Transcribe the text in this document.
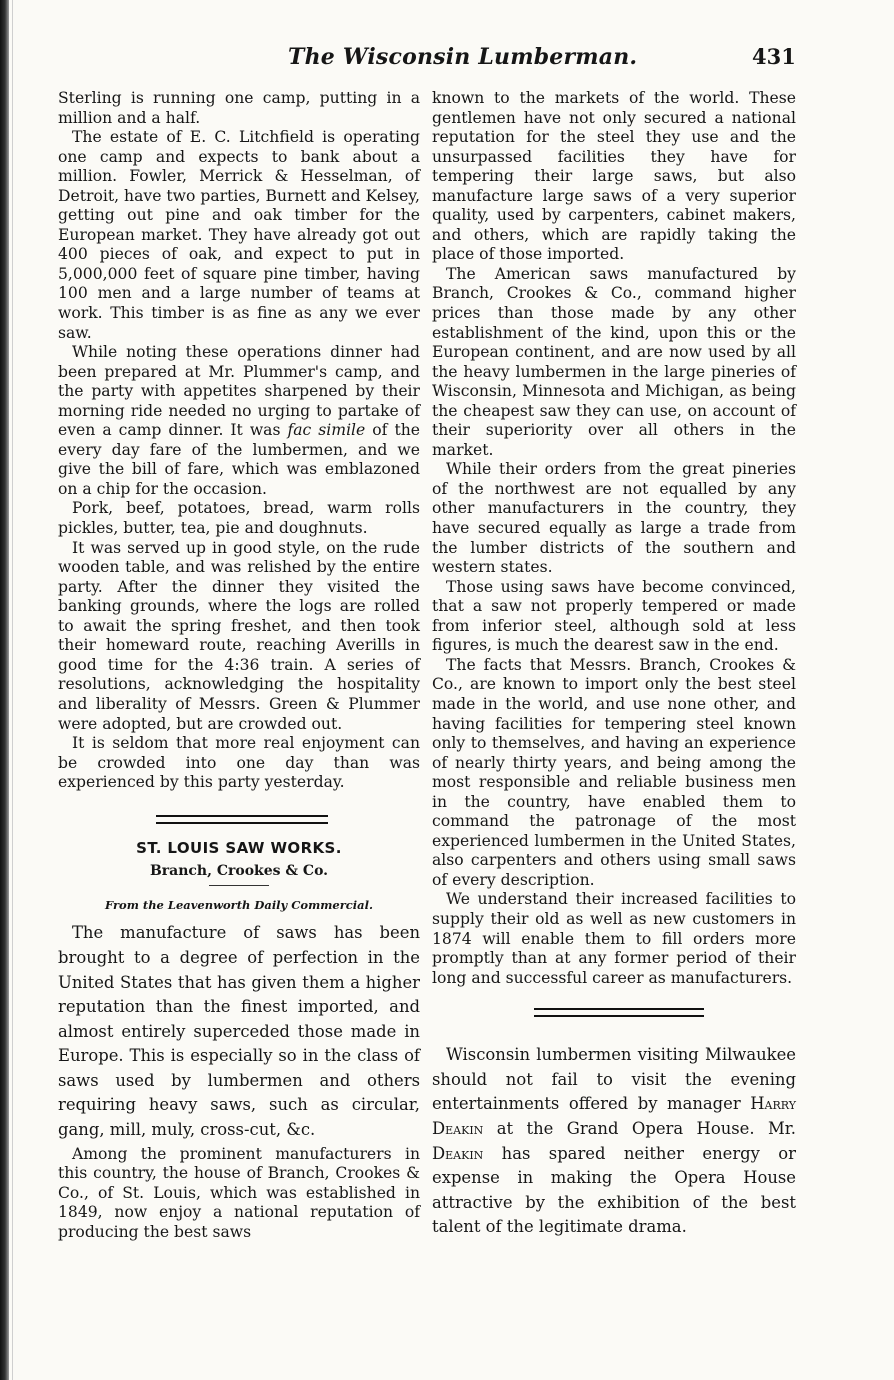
The Wisconsin Lumberman.	431

Sterling is running one camp, putting in a million and a half.

The estate of E. C. Litchfield is operating one camp and expects to bank about a million. Fowler, Merrick & Hesselman, of Detroit, have two parties, Burnett and Kelsey, getting out pine and oak timber for the European market. They have already got out 400 pieces of oak, and expect to put in 5,000,000 feet of square pine timber, having 100 men and a large number of teams at work. This timber is as fine as any we ever saw.

While noting these operations dinner had been prepared at Mr. Plummer's camp, and the party with appetites sharpened by their morning ride needed no urging to partake of even a camp dinner. It was fac simile of the every day fare of the lumbermen, and we give the bill of fare, which was emblazoned on a chip for the occasion.

Pork, beef, potatoes, bread, warm rolls pickles, butter, tea, pie and doughnuts.

It was served up in good style, on the rude wooden table, and was relished by the entire party. After the dinner they visited the banking grounds, where the logs are rolled to await the spring freshet, and then took their homeward route, reaching Averills in good time for the 4:36 train. A series of resolutions, acknowledging the hospitality and liberality of Messrs. Green & Plummer were adopted, but are crowded out.

It is seldom that more real enjoyment can be crowded into one day than was experienced by this party yesterday.

ST. LOUIS SAW WORKS.
Branch, Crookes & Co.
From the Leavenworth Daily Commercial.

The manufacture of saws has been brought to a degree of perfection in the United States that has given them a higher reputation than the finest imported, and almost entirely superceded those made in Europe. This is especially so in the class of saws used by lumbermen and others requiring heavy saws, such as circular, gang, mill, muly, cross-cut, &c.

Among the prominent manufacturers in this country, the house of Branch, Crookes & Co., of St. Louis, which was established in 1849, now enjoy a national reputation of producing the best saws

known to the markets of the world. These gentlemen have not only secured a national reputation for the steel they use and the unsurpassed facilities they have for tempering their large saws, but also manufacture large saws of a very superior quality, used by carpenters, cabinet makers, and others, which are rapidly taking the place of those imported.

The American saws manufactured by Branch, Crookes & Co., command higher prices than those made by any other establishment of the kind, upon this or the European continent, and are now used by all the heavy lumbermen in the large pineries of Wisconsin, Minnesota and Michigan, as being the cheapest saw they can use, on account of their superiority over all others in the market.

While their orders from the great pineries of the northwest are not equalled by any other manufacturers in the country, they have secured equally as large a trade from the lumber districts of the southern and western states.

Those using saws have become convinced, that a saw not properly tempered or made from inferior steel, although sold at less figures, is much the dearest saw in the end.

The facts that Messrs. Branch, Crookes & Co., are known to import only the best steel made in the world, and use none other, and having facilities for tempering steel known only to themselves, and having an experience of nearly thirty years, and being among the most responsible and reliable business men in the country, have enabled them to command the patronage of the most experienced lumbermen in the United States, also carpenters and others using small saws of every description.

We understand their increased facilities to supply their old as well as new customers in 1874 will enable them to fill orders more promptly than at any former period of their long and successful career as manufacturers.

Wisconsin lumbermen visiting Milwaukee should not fail to visit the evening entertainments offered by manager Harry Deakin at the Grand Opera House. Mr. Deakin has spared neither energy or expense in making the Opera House attractive by the exhibition of the best talent of the legitimate drama.
